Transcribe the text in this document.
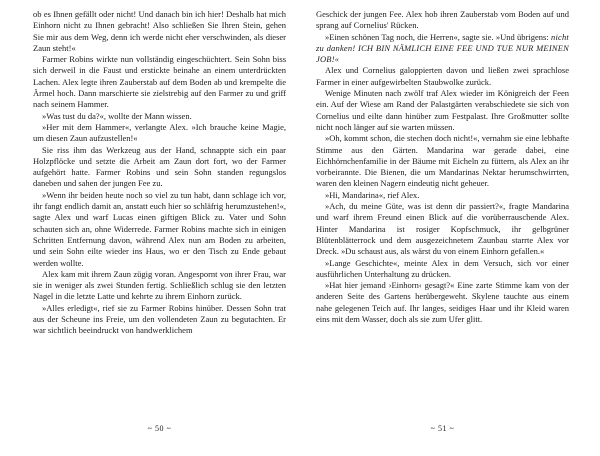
ob es Ihnen gefällt oder nicht! Und danach bin ich hier! Deshalb hat mich Einhorn nicht zu Ihnen gebracht! Also schließen Sie Ihren Stein, gehen Sie mir aus dem Weg, denn ich werde nicht eher verschwinden, als dieser Zaun steht!«

Farmer Robins wirkte nun vollständig eingeschüchtert. Sein Sohn biss sich derweil in die Faust und erstickte beinahe an einem unterdrückten Lachen. Alex legte ihren Zauberstab auf dem Boden ab und krempelte die Ärmel hoch. Dann marschierte sie zielstrebig auf den Farmer zu und griff nach seinem Hammer.

»Was tust du da?«, wollte der Mann wissen.

»Her mit dem Hammer«, verlangte Alex. »Ich brauche keine Magie, um diesen Zaun aufzustellen!«

Sie riss ihm das Werkzeug aus der Hand, schnappte sich ein paar Holzpflöcke und setzte die Arbeit am Zaun dort fort, wo der Farmer aufgehört hatte. Farmer Robins und sein Sohn standen regungslos daneben und sahen der jungen Fee zu.

»Wenn ihr beiden heute noch so viel zu tun habt, dann schlage ich vor, ihr fangt endlich damit an, anstatt euch hier so schläfrig herumzustehen!«, sagte Alex und warf Lucas einen giftigen Blick zu. Vater und Sohn schauten sich an, ohne Widerrede. Farmer Robins machte sich in einigen Schritten Entfernung davon, während Alex nun am Boden zu arbeiten, und sein Sohn eilte wieder ins Haus, wo er den Tisch zu Ende gebaut werden wollte.

Alex kam mit ihrem Zaun zügig voran. Angespornt von ihrer Frau, war sie in weniger als zwei Stunden fertig. Schließlich schlug sie den letzten Nagel in die letzte Latte und kehrte zu ihrem Einhorn zurück.

»Alles erledigt«, rief sie zu Farmer Robins hinüber. Dessen Sohn trat aus der Scheune ins Freie, um den vollendeten Zaun zu begutachten. Er war sichtlich beeindruckt von handwerklichem

~ 50 ~

Geschick der jungen Fee. Alex hob ihren Zauberstab vom Boden auf und sprang auf Cornelius' Rücken.

»Einen schönen Tag noch, die Herren«, sagte sie. »Und übrigens: nicht zu danken! ICH BIN NÄMLICH EINE FEE UND TUE NUR MEINEN JOB!«

Alex und Cornelius galoppierten davon und ließen zwei sprachlose Farmer in einer aufgewirbelten Staubwolke zurück.

Wenige Minuten nach zwölf traf Alex wieder im Königreich der Feen ein. Auf der Wiese am Rand der Palastgärten verabschiedete sie sich von Cornelius und eilte dann hinüber zum Festpalast. Ihre Großmutter sollte nicht noch länger auf sie warten müssen.

»Oh, kommt schon, die stechen doch nicht!«, vernahm sie eine lebhafte Stimme aus den Gärten. Mandarina war gerade dabei, eine Eichhörnchenfamilie in der Bäume mit Eicheln zu füttern, als Alex an ihr vorbeirannte. Die Bienen, die um Mandarinas Nektar herumschwirrten, waren den kleinen Nagern eindeutig nicht geheuer.

»Hi, Mandarina«, rief Alex.

»Ach, du meine Güte, was ist denn dir passiert?«, fragte Mandarina und warf ihrem Freund einen Blick auf die vorüberrauschende Alex. Hinter Mandarina ist rosiger Kopfschmuck, ihr gelbgrüner Blütenblätterrock und dem ausgezeichnetem Zaunbau starrte Alex vor Dreck. »Du schaust aus, als wärst du von einem Einhorn gefallen.«

»Lange Geschichte«, meinte Alex in dem Versuch, sich vor einer ausführlichen Unterhaltung zu drücken.

»Hat hier jemand ›Einhorn‹ gesagt?« Eine zarte Stimme kam von der anderen Seite des Gartens herübergeweht. Skylene tauchte aus einem nahe gelegenen Teich auf. Ihr langes, seidiges Haar und ihr Kleid waren eins mit dem Wasser, doch als sie zum Ufer glitt.

~ 51 ~
